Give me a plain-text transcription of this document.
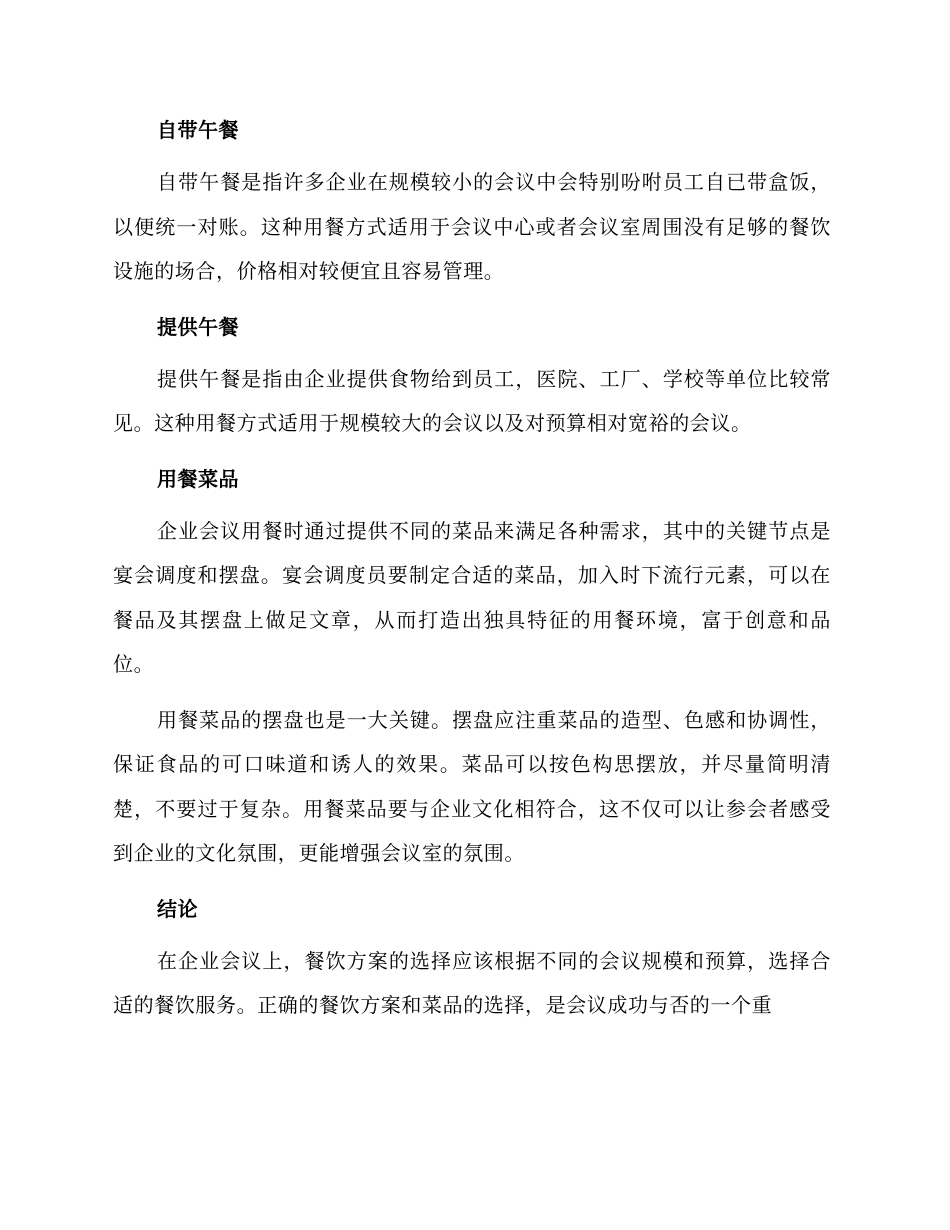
自带午餐

自带午餐是指许多企业在规模较小的会议中会特别吩咐员工自已带盒饭，以便统一对账。这种用餐方式适用于会议中心或者会议室周围没有足够的餐饮设施的场合，价格相对较便宜且容易管理。

提供午餐

提供午餐是指由企业提供食物给到员工，医院、工厂、学校等单位比较常见。这种用餐方式适用于规模较大的会议以及对预算相对宽裕的会议。

用餐菜品

企业会议用餐时通过提供不同的菜品来满足各种需求，其中的关键节点是宴会调度和摆盘。宴会调度员要制定合适的菜品，加入时下流行元素，可以在餐品及其摆盘上做足文章，从而打造出独具特征的用餐环境，富于创意和品位。

用餐菜品的摆盘也是一大关键。摆盘应注重菜品的造型、色感和协调性，保证食品的可口味道和诱人的效果。菜品可以按色构思摆放，并尽量简明清楚，不要过于复杂。用餐菜品要与企业文化相符合，这不仅可以让参会者感受到企业的文化氛围，更能增强会议室的氛围。

结论

在企业会议上，餐饮方案的选择应该根据不同的会议规模和预算，选择合适的餐饮服务。正确的餐饮方案和菜品的选择，是会议成功与否的一个重
